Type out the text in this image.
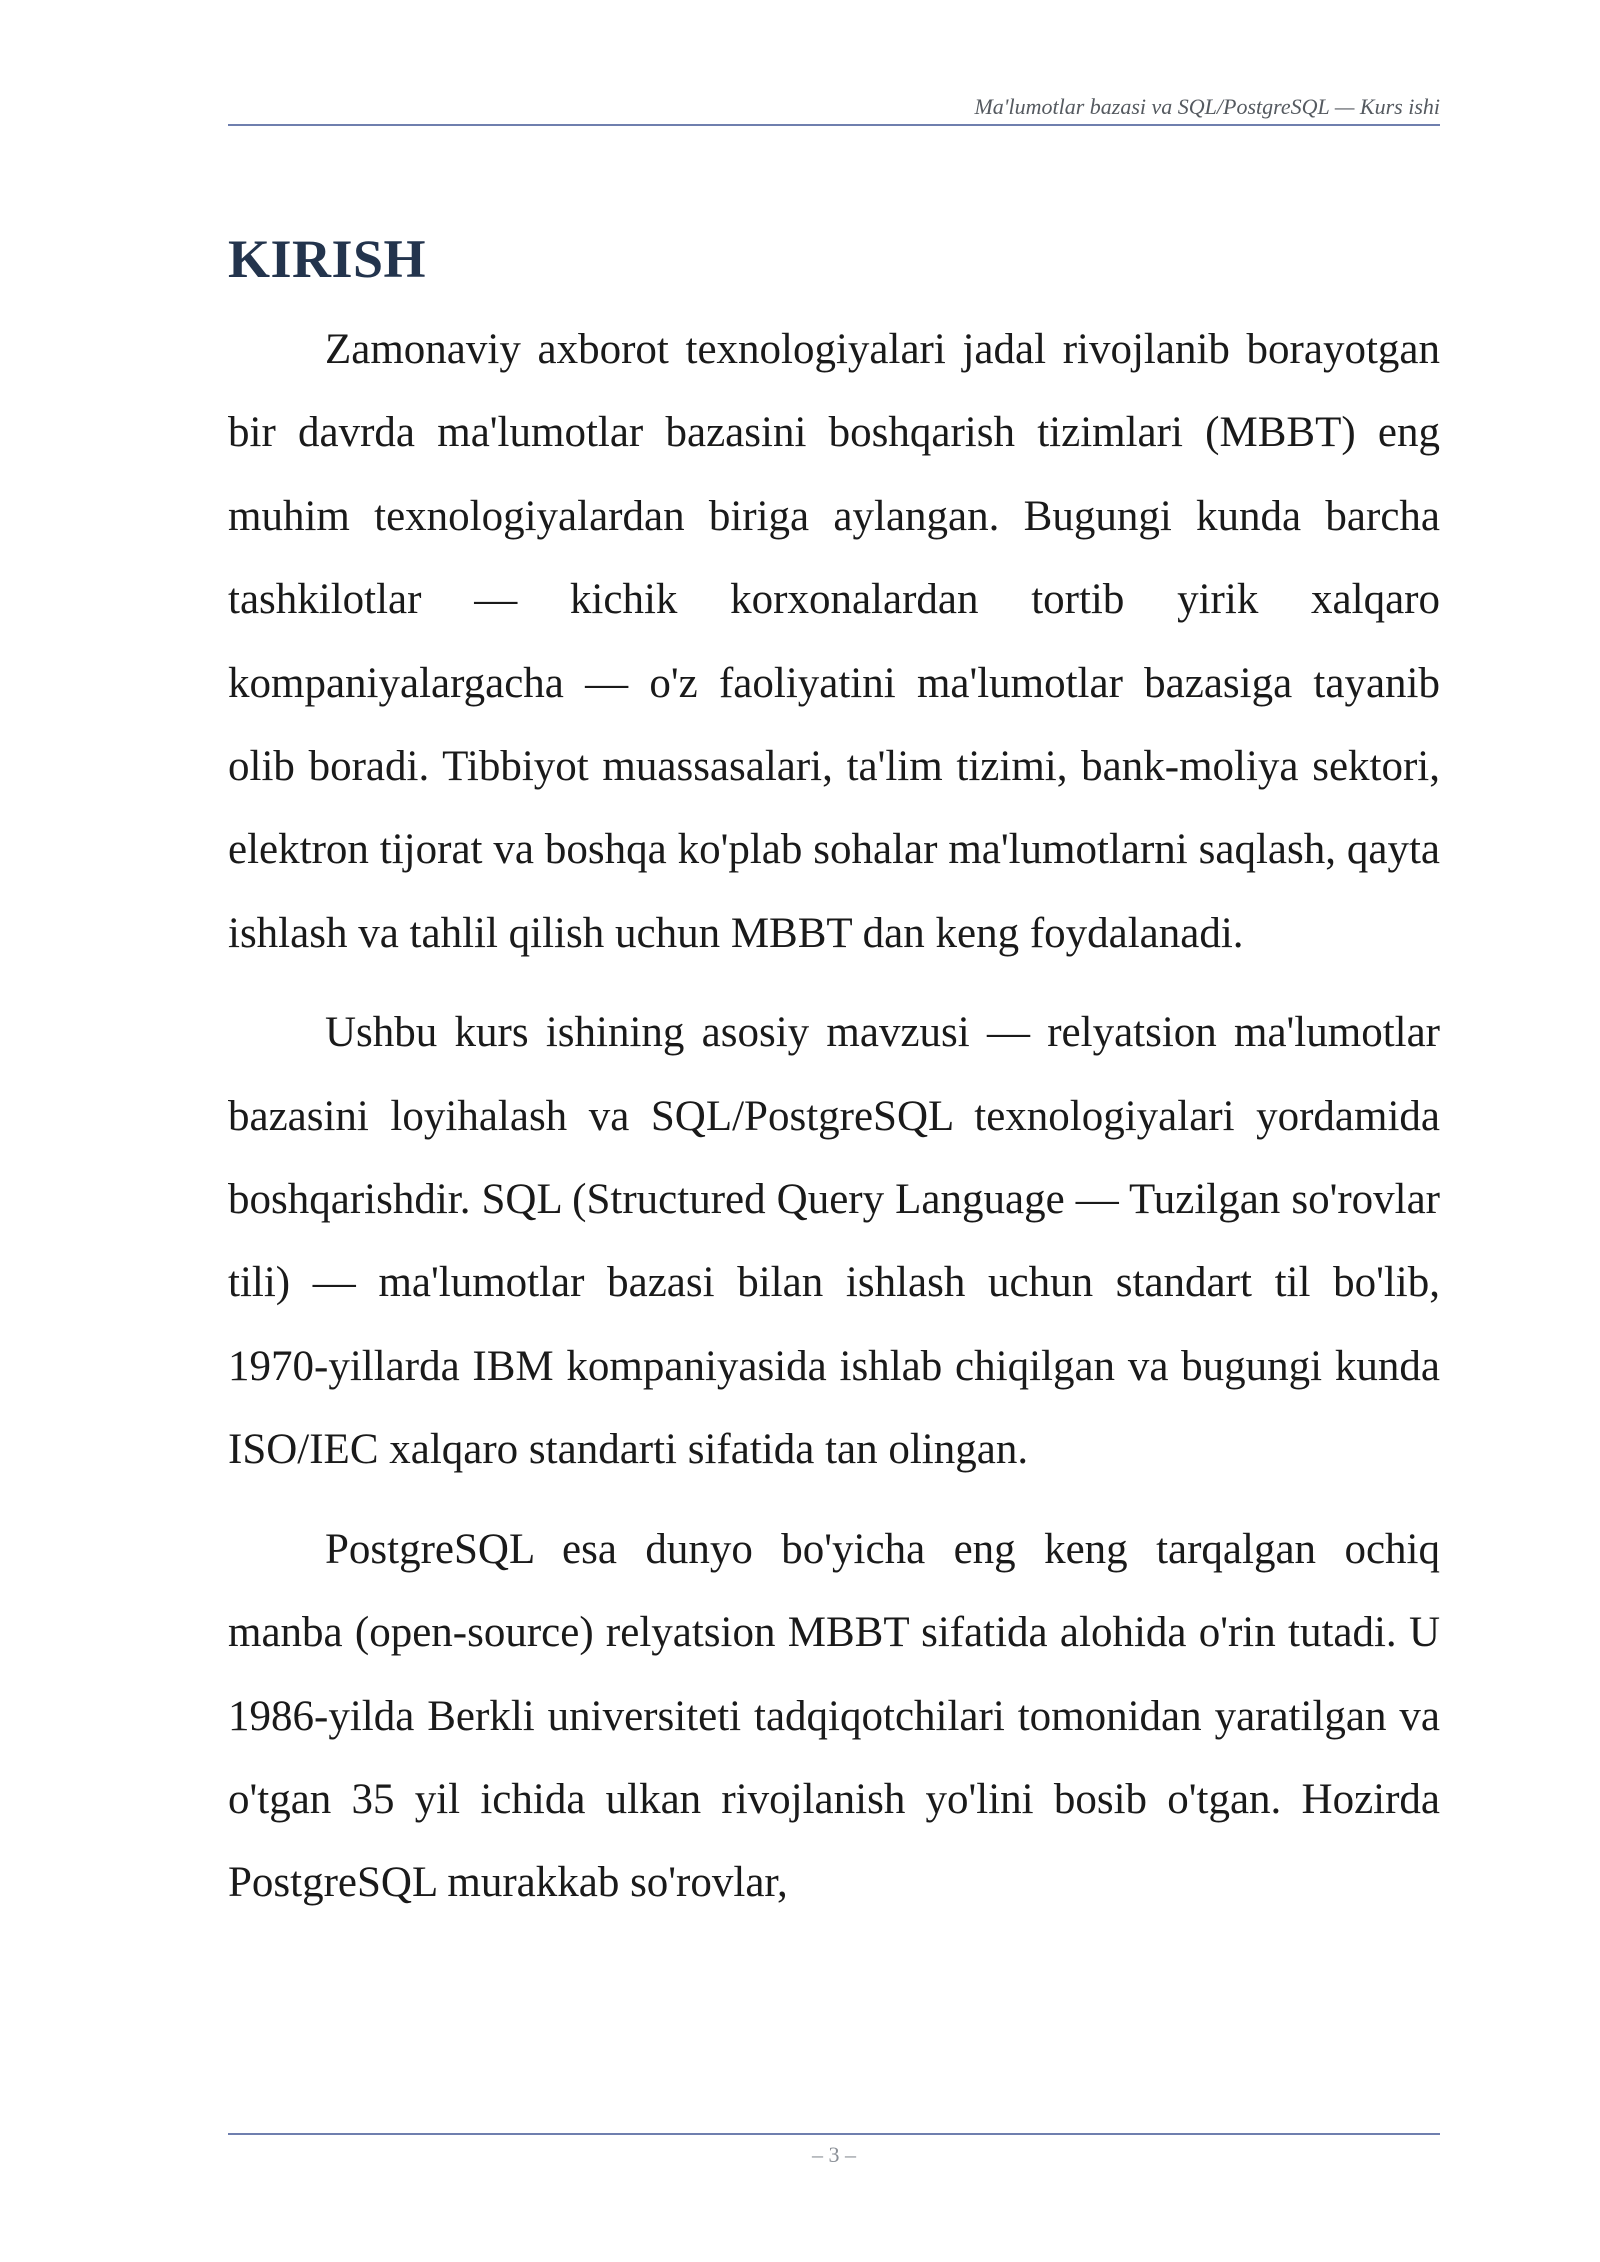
Ma'lumotlar bazasi va SQL/PostgreSQL — Kurs ishi
KIRISH

Zamonaviy axborot texnologiyalari jadal rivojlanib borayotgan bir davrda ma'lumotlar bazasini boshqarish tizimlari (MBBT) eng muhim texnologiyalardan biriga aylangan. Bugungi kunda barcha tashkilotlar — kichik korxonalardan tortib yirik xalqaro kompaniyalargacha — o'z faoliyatini ma'lumotlar bazasiga tayanib olib boradi. Tibbiyot muassasalari, ta'lim tizimi, bank-moliya sektori, elektron tijorat va boshqa ko'plab sohalar ma'lumotlarni saqlash, qayta ishlash va tahlil qilish uchun MBBT dan keng foydalanadi.

Ushbu kurs ishining asosiy mavzusi — relyatsion ma'lumotlar bazasini loyihalash va SQL/PostgreSQL texnologiyalari yordamida boshqarishdir. SQL (Structured Query Language — Tuzilgan so'rovlar tili) — ma'lumotlar bazasi bilan ishlash uchun standart til bo'lib, 1970-yillarda IBM kompaniyasida ishlab chiqilgan va bugungi kunda ISO/IEC xalqaro standarti sifatida tan olingan.

PostgreSQL esa dunyo bo'yicha eng keng tarqalgan ochiq manba (open-source) relyatsion MBBT sifatida alohida o'rin tutadi. U 1986-yilda Berkli universiteti tadqiqotchilari tomonidan yaratilgan va o'tgan 35 yil ichida ulkan rivojlanish yo'lini bosib o'tgan. Hozirda PostgreSQL murakkab so'rovlar,

– 3 –
